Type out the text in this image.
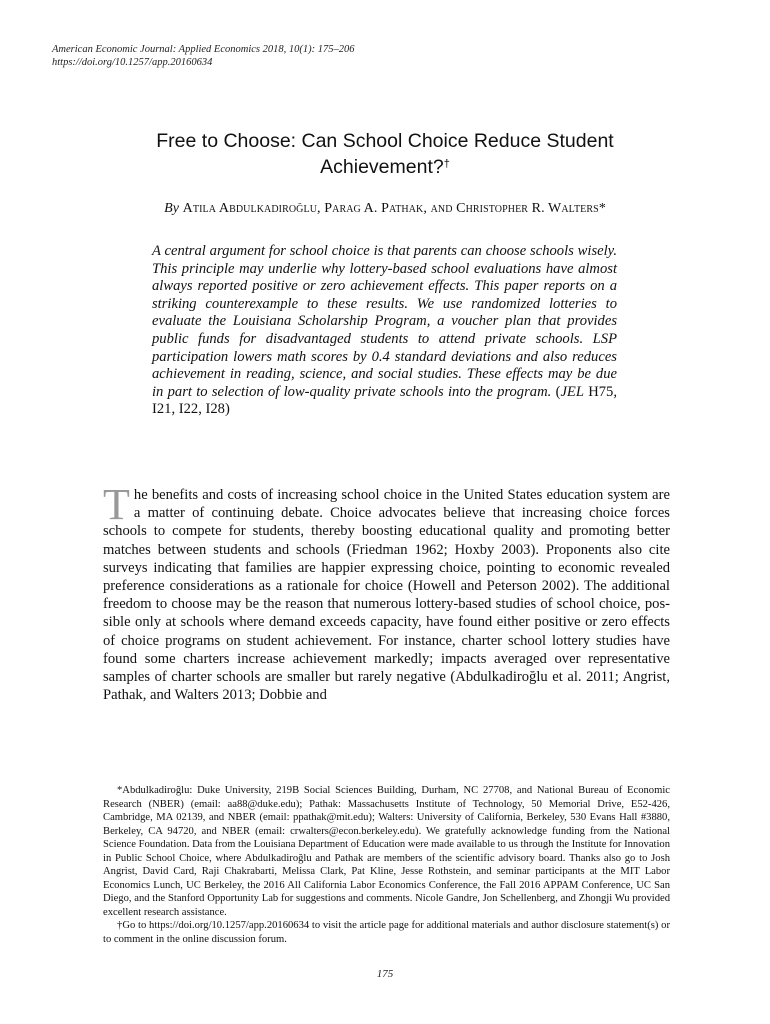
American Economic Journal: Applied Economics 2018, 10(1): 175–206
https://doi.org/10.1257/app.20160634
Free to Choose: Can School Choice Reduce Student
Achievement?†
By Atila Abdulkadiroğlu, Parag A. Pathak, and Christopher R. Walters*
A central argument for school choice is that parents can choose schools wisely. This principle may underlie why lottery-based school evaluations have almost always reported positive or zero achievement effects. This paper reports on a striking counterexample to these results. We use randomized lotteries to evaluate the Louisiana Scholarship Program, a voucher plan that provides public funds for disadvantaged students to attend private schools. LSP participation lowers math scores by 0.4 standard deviations and also reduces achievement in reading, science, and social studies. These effects may be due in part to selection of low-quality private schools into the program. (JEL H75, I21, I22, I28)
The benefits and costs of increasing school choice in the United States education system are a matter of continuing debate. Choice advocates believe that increasing choice forces schools to compete for students, thereby boosting educational quality and promoting better matches between students and schools (Friedman 1962; Hoxby 2003). Proponents also cite surveys indicating that families are happier expressing choice, pointing to economic revealed preference considerations as a rationale for choice (Howell and Peterson 2002). The additional freedom to choose may be the reason that numerous lottery-based studies of school choice, possible only at schools where demand exceeds capacity, have found either positive or zero effects of choice programs on student achievement. For instance, charter school lottery studies have found some charters increase achievement markedly; impacts averaged over representative samples of charter schools are smaller but rarely negative (Abdulkadiroğlu et al. 2011; Angrist, Pathak, and Walters 2013; Dobbie and

*Abdulkadiroğlu: Duke University, 219B Social Sciences Building, Durham, NC 27708, and National Bureau of Economic Research (NBER) (email: aa88@duke.edu); Pathak: Massachusetts Institute of Technology, 50 Memorial Drive, E52-426, Cambridge, MA 02139, and NBER (email: ppathak@mit.edu); Walters: University of California, Berkeley, 530 Evans Hall #3880, Berkeley, CA 94720, and NBER (email: crwalters@econ.berkeley.edu). We gratefully acknowledge funding from the National Science Foundation. Data from the Louisiana Department of Education were made available to us through the Institute for Innovation in Public School Choice, where Abdulkadiroğlu and Pathak are members of the scientific advisory board. Thanks also go to Josh Angrist, David Card, Raji Chakrabarti, Melissa Clark, Pat Kline, Jesse Rothstein, and seminar participants at the MIT Labor Economics Lunch, UC Berkeley, the 2016 All California Labor Economics Conference, the Fall 2016 APPAM Conference, UC San Diego, and the Stanford Opportunity Lab for suggestions and comments. Nicole Gandre, Jon Schellenberg, and Zhongji Wu provided excellent research assistance.

†Go to https://doi.org/10.1257/app.20160634 to visit the article page for additional materials and author disclosure statement(s) or to comment in the online discussion forum.

175
